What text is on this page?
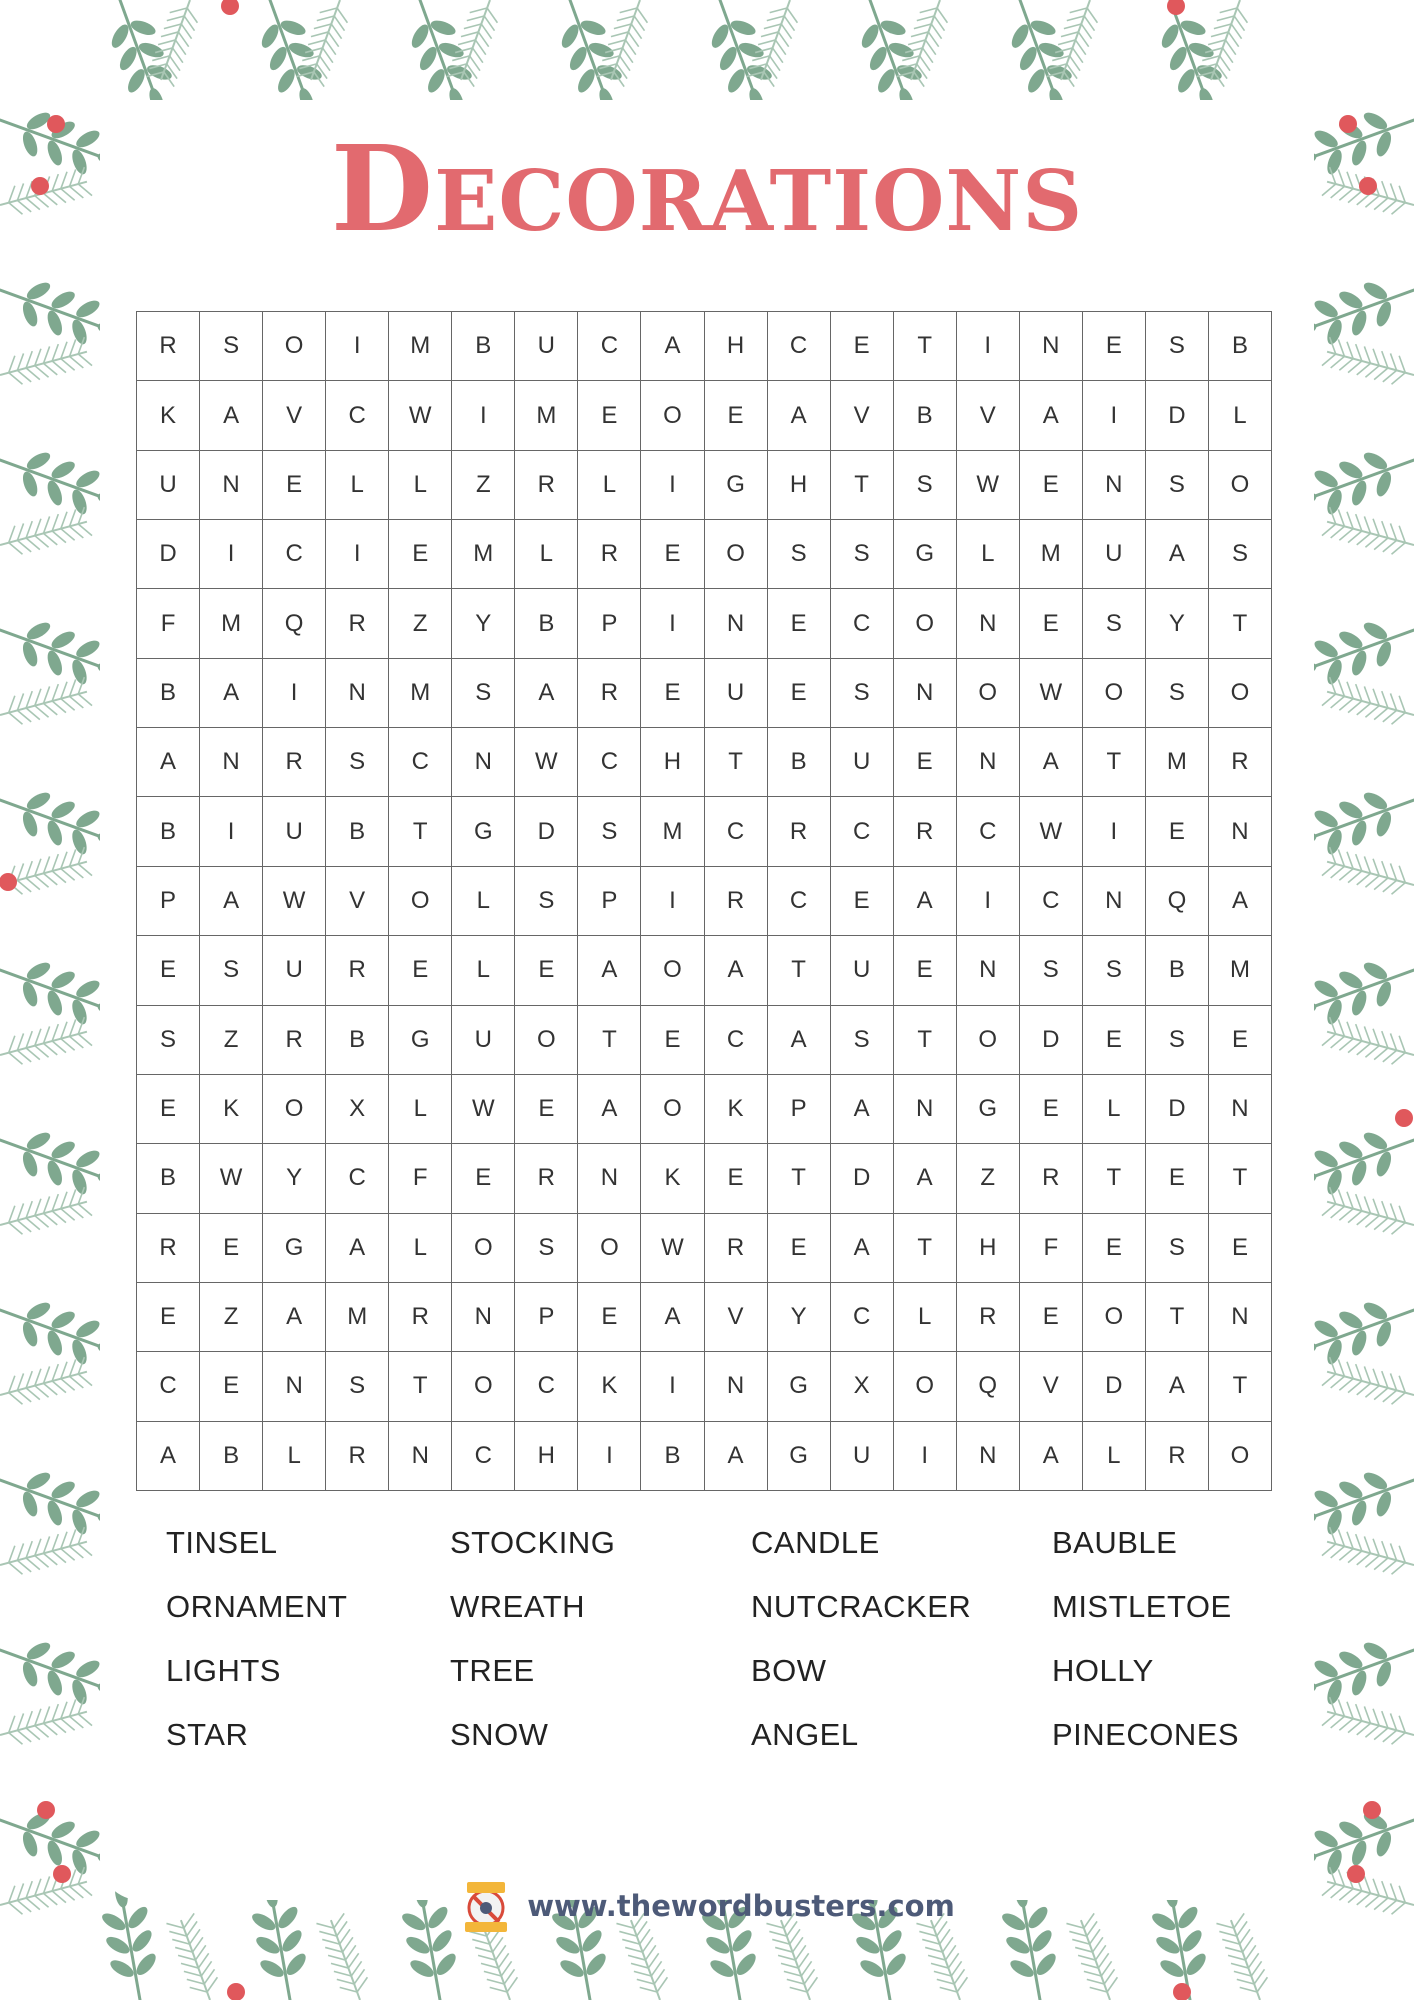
Decorations
R	S	O	I	M	B	U	C	A	H	C	E	T	I	N	E	S	B
K	A	V	C	W	I	M	E	O	E	A	V	B	V	A	I	D	L
U	N	E	L	L	Z	R	L	I	G	H	T	S	W	E	N	S	O
D	I	C	I	E	M	L	R	E	O	S	S	G	L	M	U	A	S
F	M	Q	R	Z	Y	B	P	I	N	E	C	O	N	E	S	Y	T
B	A	I	N	M	S	A	R	E	U	E	S	N	O	W	O	S	O
A	N	R	S	C	N	W	C	H	T	B	U	E	N	A	T	M	R
B	I	U	B	T	G	D	S	M	C	R	C	R	C	W	I	E	N
P	A	W	V	O	L	S	P	I	R	C	E	A	I	C	N	Q	A
E	S	U	R	E	L	E	A	O	A	T	U	E	N	S	S	B	M
S	Z	R	B	G	U	O	T	E	C	A	S	T	O	D	E	S	E
E	K	O	X	L	W	E	A	O	K	P	A	N	G	E	L	D	N
B	W	Y	C	F	E	R	N	K	E	T	D	A	Z	R	T	E	T
R	E	G	A	L	O	S	O	W	R	E	A	T	H	F	E	S	E
E	Z	A	M	R	N	P	E	A	V	Y	C	L	R	E	O	T	N
C	E	N	S	T	O	C	K	I	N	G	X	O	Q	V	D	A	T
A	B	L	R	N	C	H	I	B	A	G	U	I	N	A	L	R	O
TINSEL	STOCKING	CANDLE	BAUBLE
ORNAMENT	WREATH	NUTCRACKER	MISTLETOE
LIGHTS	TREE	BOW	HOLLY
STAR	SNOW	ANGEL	PINECONES
www.thewordbusters.com
